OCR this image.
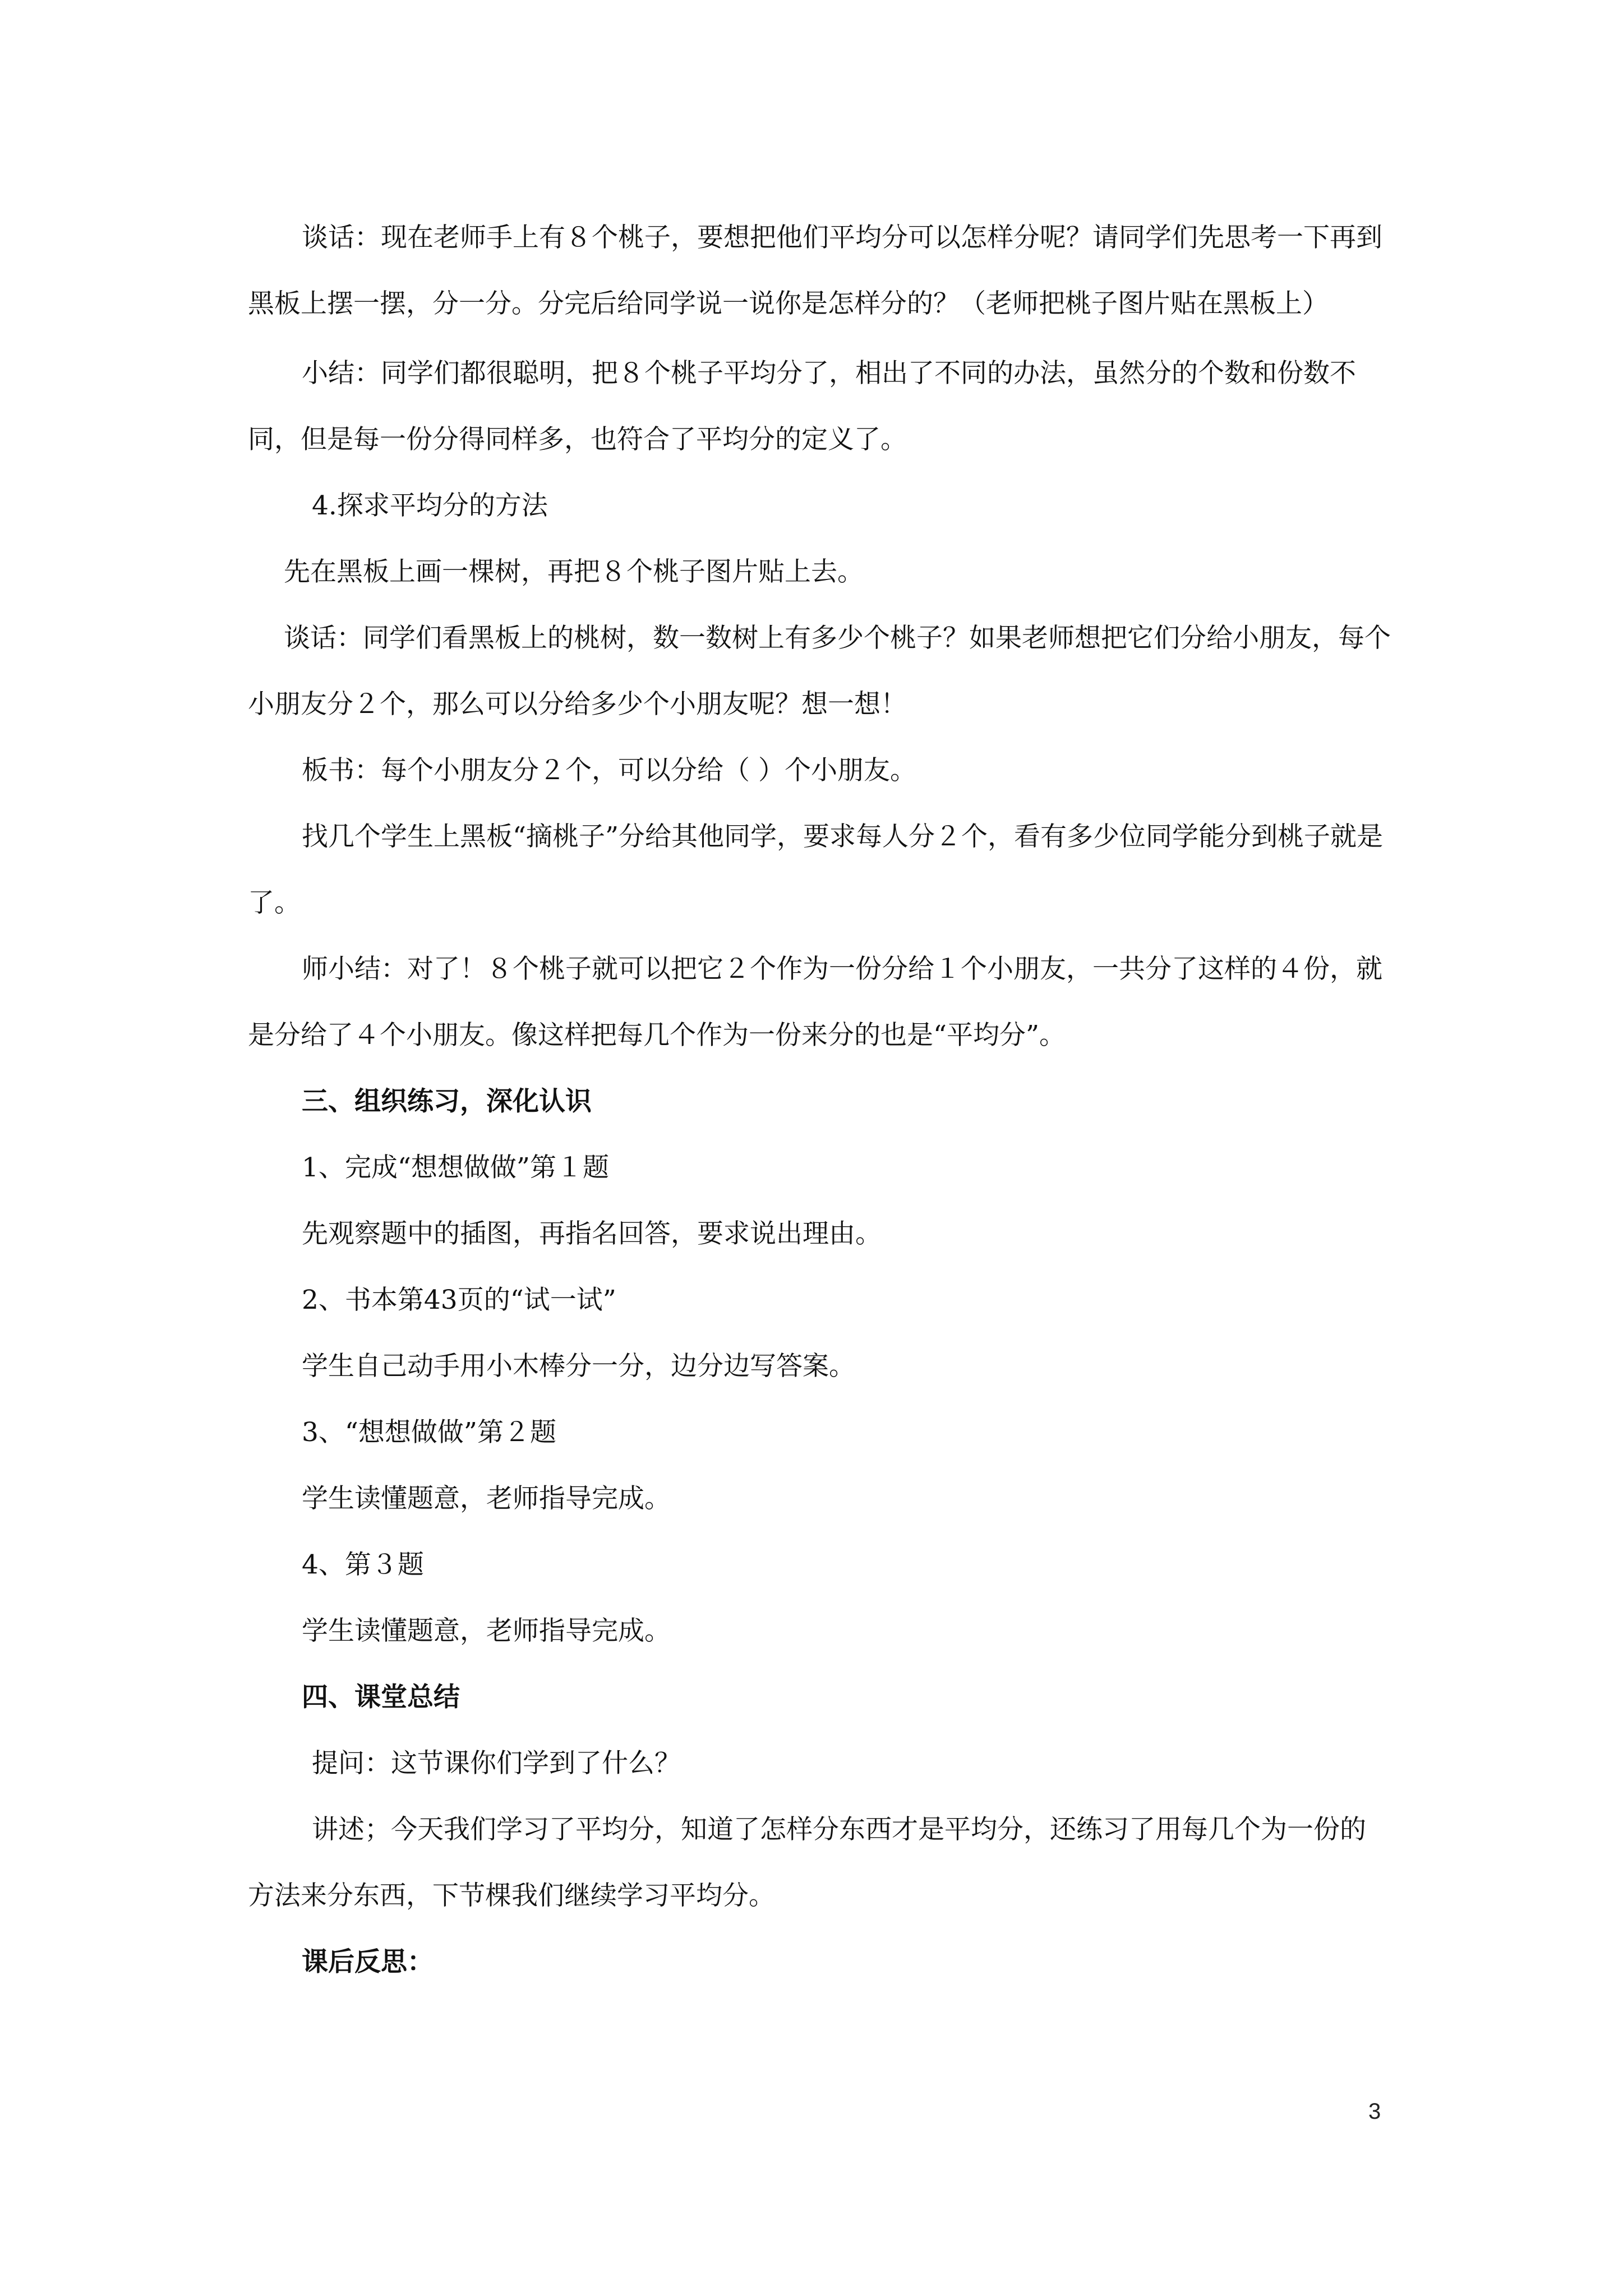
谈话：现在老师手上有８个桃子，要想把他们平均分可以怎样分呢？请同学们先思考一下再到黑板上摆一摆，分一分。分完后给同学说一说你是怎样分的？（老师把桃子图片贴在黑板上）

小结：同学们都很聪明，把８个桃子平均分了，相出了不同的办法，虽然分的个数和份数不同，但是每一份分得同样多，也符合了平均分的定义了。

4.探求平均分的方法

先在黑板上画一棵树，再把８个桃子图片贴上去。

谈话：同学们看黑板上的桃树，数一数树上有多少个桃子？如果老师想把它们分给小朋友，每个小朋友分２个，那么可以分给多少个小朋友呢？想一想！

板书：每个小朋友分２个，可以分给（ ）个小朋友。

找几个学生上黑板“摘桃子”分给其他同学，要求每人分２个，看有多少位同学能分到桃子就是了。

师小结：对了！８个桃子就可以把它２个作为一份分给１个小朋友，一共分了这样的４份，就是分给了４个小朋友。像这样把每几个作为一份来分的也是“平均分”。

三、组织练习，深化认识

1、完成“想想做做”第１题

先观察题中的插图，再指名回答，要求说出理由。

2、书本第43页的“试一试”

学生自己动手用小木棒分一分，边分边写答案。

3、“想想做做”第２题

学生读懂题意，老师指导完成。

4、第３题

学生读懂题意，老师指导完成。

四、课堂总结

提问：这节课你们学到了什么？

讲述；今天我们学习了平均分，知道了怎样分东西才是平均分，还练习了用每几个为一份的方法来分东西，下节棵我们继续学习平均分。

课后反思：

3
